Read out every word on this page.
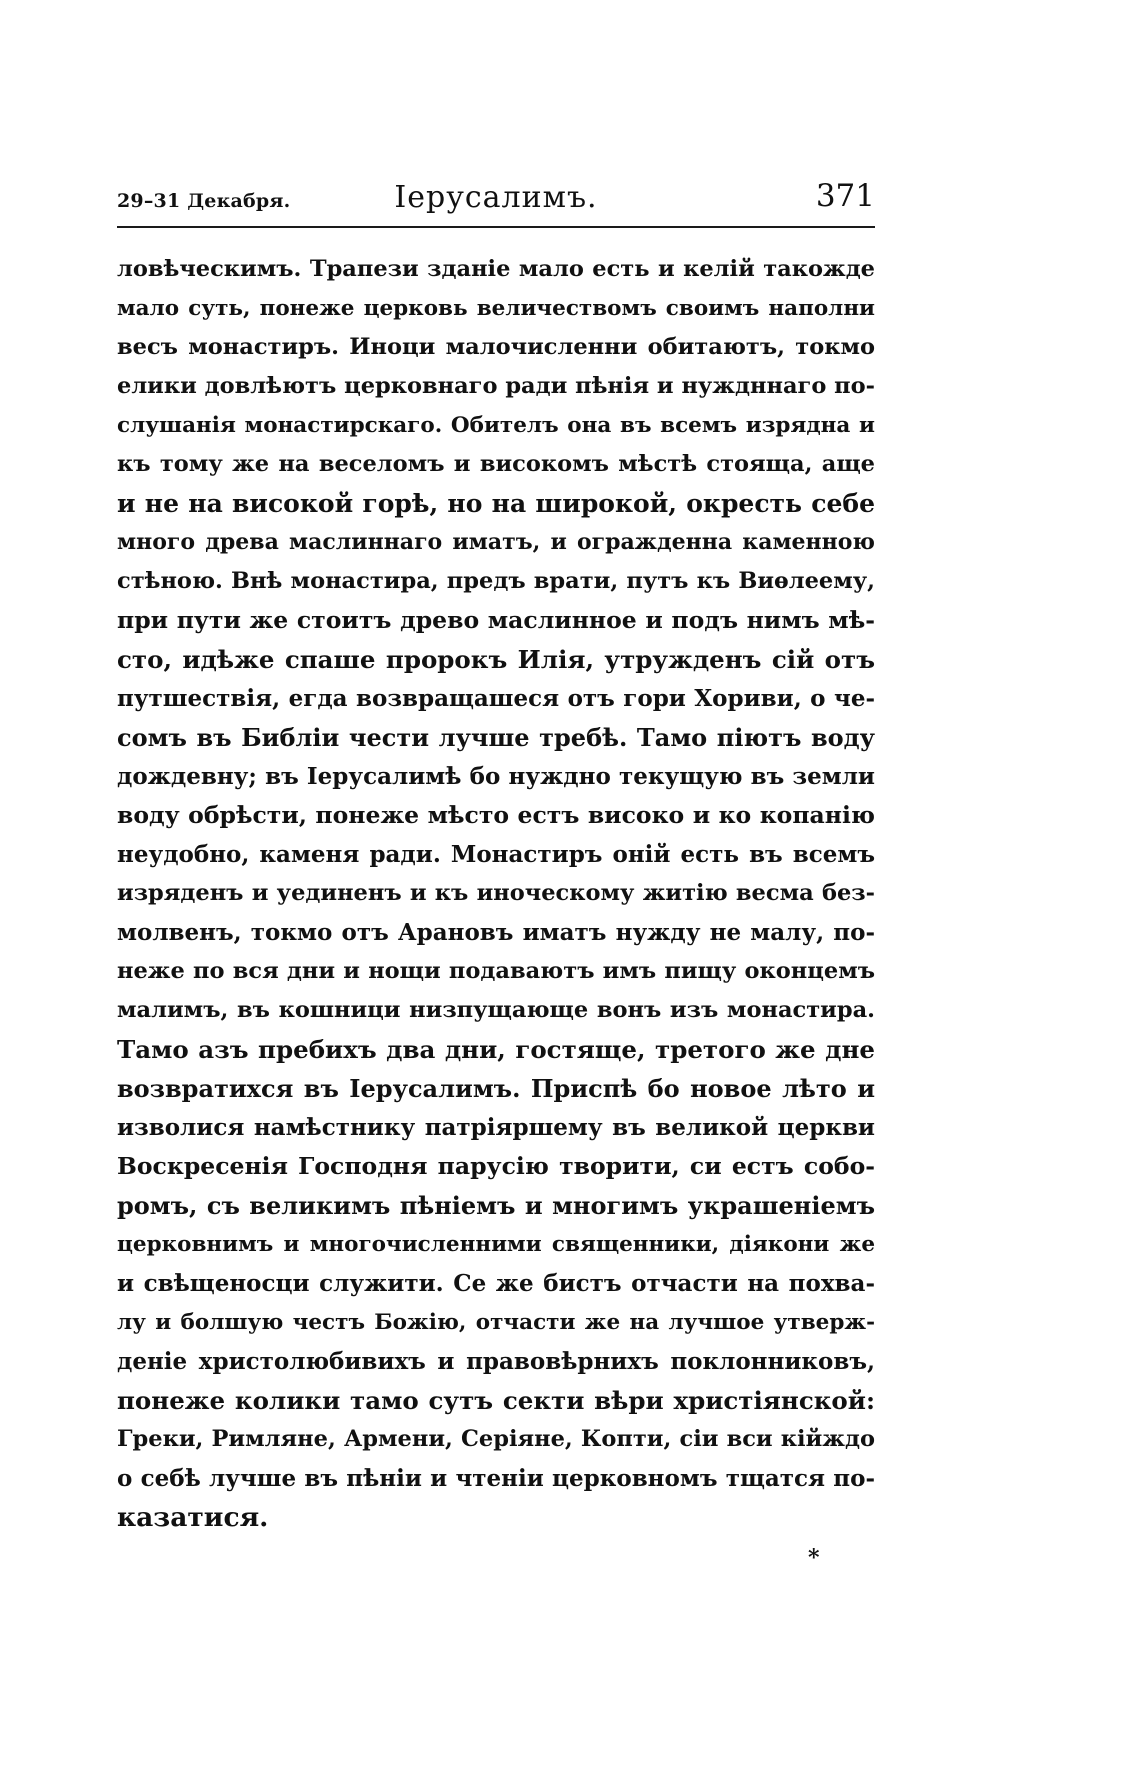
29–31 Декабря.	Іерусалимъ.	371
ловѣческимъ. Трапези зданіе мало есть и келій такожде
мало суть, понеже церковь величествомъ своимъ наполни
весъ монастиръ. Иноци малочисленни обитаютъ, токмо
елики довлѣютъ церковнаго ради пѣнія и нуждннаго по-
слушанія монастирскаго. Обителъ она въ всемъ изрядна и
къ тому же на веселомъ и високомъ мѣстѣ стояща, аще
и не на високой горѣ, но на широкой, окресть себе
много древа маслиннаго иматъ, и огражденна каменною
стѣною. Внѣ монастира, предъ врати, путъ къ Виѳлеему,
при пути же стоитъ древо маслинное и подъ нимъ мѣ-
сто, идѣже спаше пророкъ Илія, утружденъ сій отъ
путшествія, егда возвращашеся отъ гори Хориви, о че-
сомъ въ Библіи чести лучше требѣ. Тамо піютъ воду
дождевну; въ Іерусалимѣ бо нуждно текущую въ земли
воду обрѣсти, понеже мѣсто естъ високо и ко копанію
неудобно, каменя ради. Монастиръ оній есть въ всемъ
изряденъ и уединенъ и къ иноческому житію весма без-
молвенъ, токмо отъ Арановъ иматъ нужду не малу, по-
неже по вся дни и нощи подаваютъ имъ пищу оконцемъ
малимъ, въ кошници низпущающе вонъ изъ монастира.
Тамо азъ пребихъ два дни, гостяще, третого же дне
возвратихся въ Іерусалимъ. Приспѣ бо новое лѣто и
изволися намѣстнику патріяршему въ великой церкви
Воскресенія Господня парусію творити, си естъ собо-
ромъ, съ великимъ пѣніемъ и многимъ украшеніемъ
церковнимъ и многочисленними священники, діякони же
и свѣщеносци служити. Се же бистъ отчасти на похва-
лу и болшую честъ Божію, отчасти же на лучшое утверж-
деніе христолюбивихъ и правовѣрнихъ поклонниковъ,
понеже колики тамо сутъ секти вѣри христіянской:
Греки, Римляне, Армени, Серіяне, Копти, сіи вси кійждо
о себѣ лучше въ пѣніи и чтеніи церковномъ тщатся по-
казатися.
*
